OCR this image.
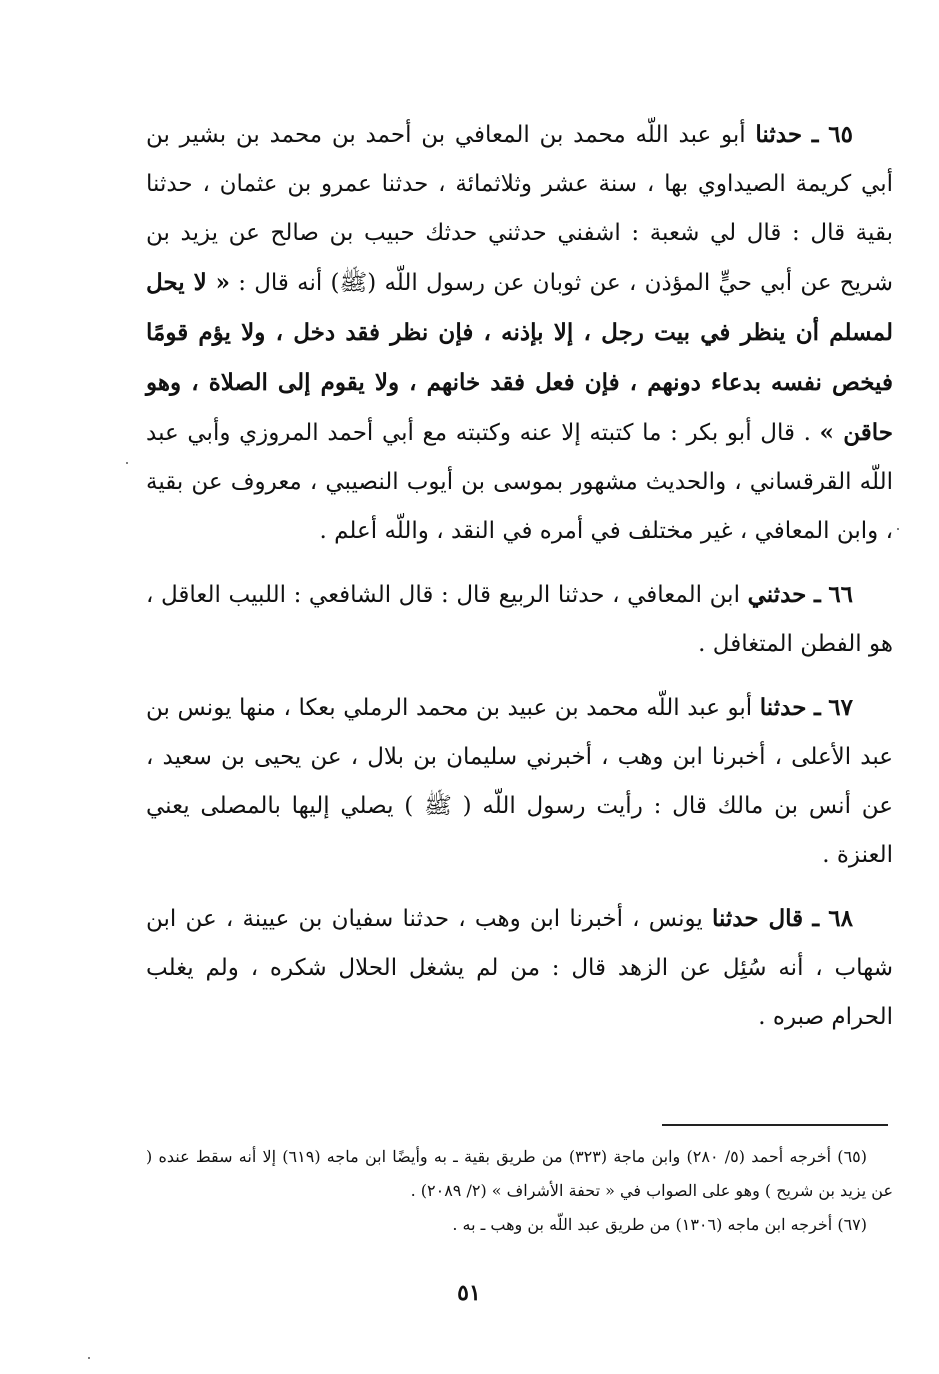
٦٥ ـ حدثنا أبو عبد اللّه محمد بن المعافي بن أحمد بن محمد بن بشير بن أبي كريمة الصيداوي بها ، سنة عشر وثلاثمائة ، حدثنا عمرو بن عثمان ، حدثنا بقية قال : قال لي شعبة : اشفني حدثني حدثك حبيب بن صالح عن يزيد بن شريح عن أبي حيٍّ المؤذن ، عن ثوبان عن رسول اللّه (ﷺ) أنه قال : « لا يحل لمسلم أن ينظر في بيت رجل ، إلا بإذنه ، فإن نظر فقد دخل ، ولا يؤم قومًا فيخص نفسه بدعاء دونهم ، فإن فعل فقد خانهم ، ولا يقوم إلى الصلاة ، وهو حاقن » . قال أبو بكر : ما كتبته إلا عنه وكتبته مع أبي أحمد المروزي وأبي عبد اللّه القرقساني ، والحديث مشهور بموسى بن أيوب النصيبي ، معروف عن بقية ، وابن المعافي ، غير مختلف في أمره في النقد ، واللّه أعلم .

٦٦ ـ حدثني ابن المعافي ، حدثنا الربيع قال : قال الشافعي : اللبيب العاقل ، هو الفطن المتغافل .

٦٧ ـ حدثنا أبو عبد اللّه محمد بن عبيد بن محمد الرملي بعكا ، منها يونس بن عبد الأعلى ، أخبرنا ابن وهب ، أخبرني سليمان بن بلال ، عن يحيى بن سعيد ، عن أنس بن مالك قال : رأيت رسول اللّه ( ﷺ ) يصلي إليها بالمصلى يعني العنزة .

٦٨ ـ قال حدثنا يونس ، أخبرنا ابن وهب ، حدثنا سفيان بن عيينة ، عن ابن شهاب ، أنه سُئِل عن الزهد قال : من لم يشغل الحلال شكره ، ولم يغلب الحرام صبره .

(٦٥) أخرجه أحمد (٥/ ٢٨٠) وابن ماجة (٣٢٣) من طريق بقية ـ به وأيضًا ابن ماجه (٦١٩) إلا أنه سقط عنده ( عن يزيد بن شريح ) وهو على الصواب في « تحفة الأشراف » (٢/ ٢٠٨٩) .

(٦٧) أخرجه ابن ماجه (١٣٠٦) من طريق عبد اللّه بن وهب ـ به .

٥١
